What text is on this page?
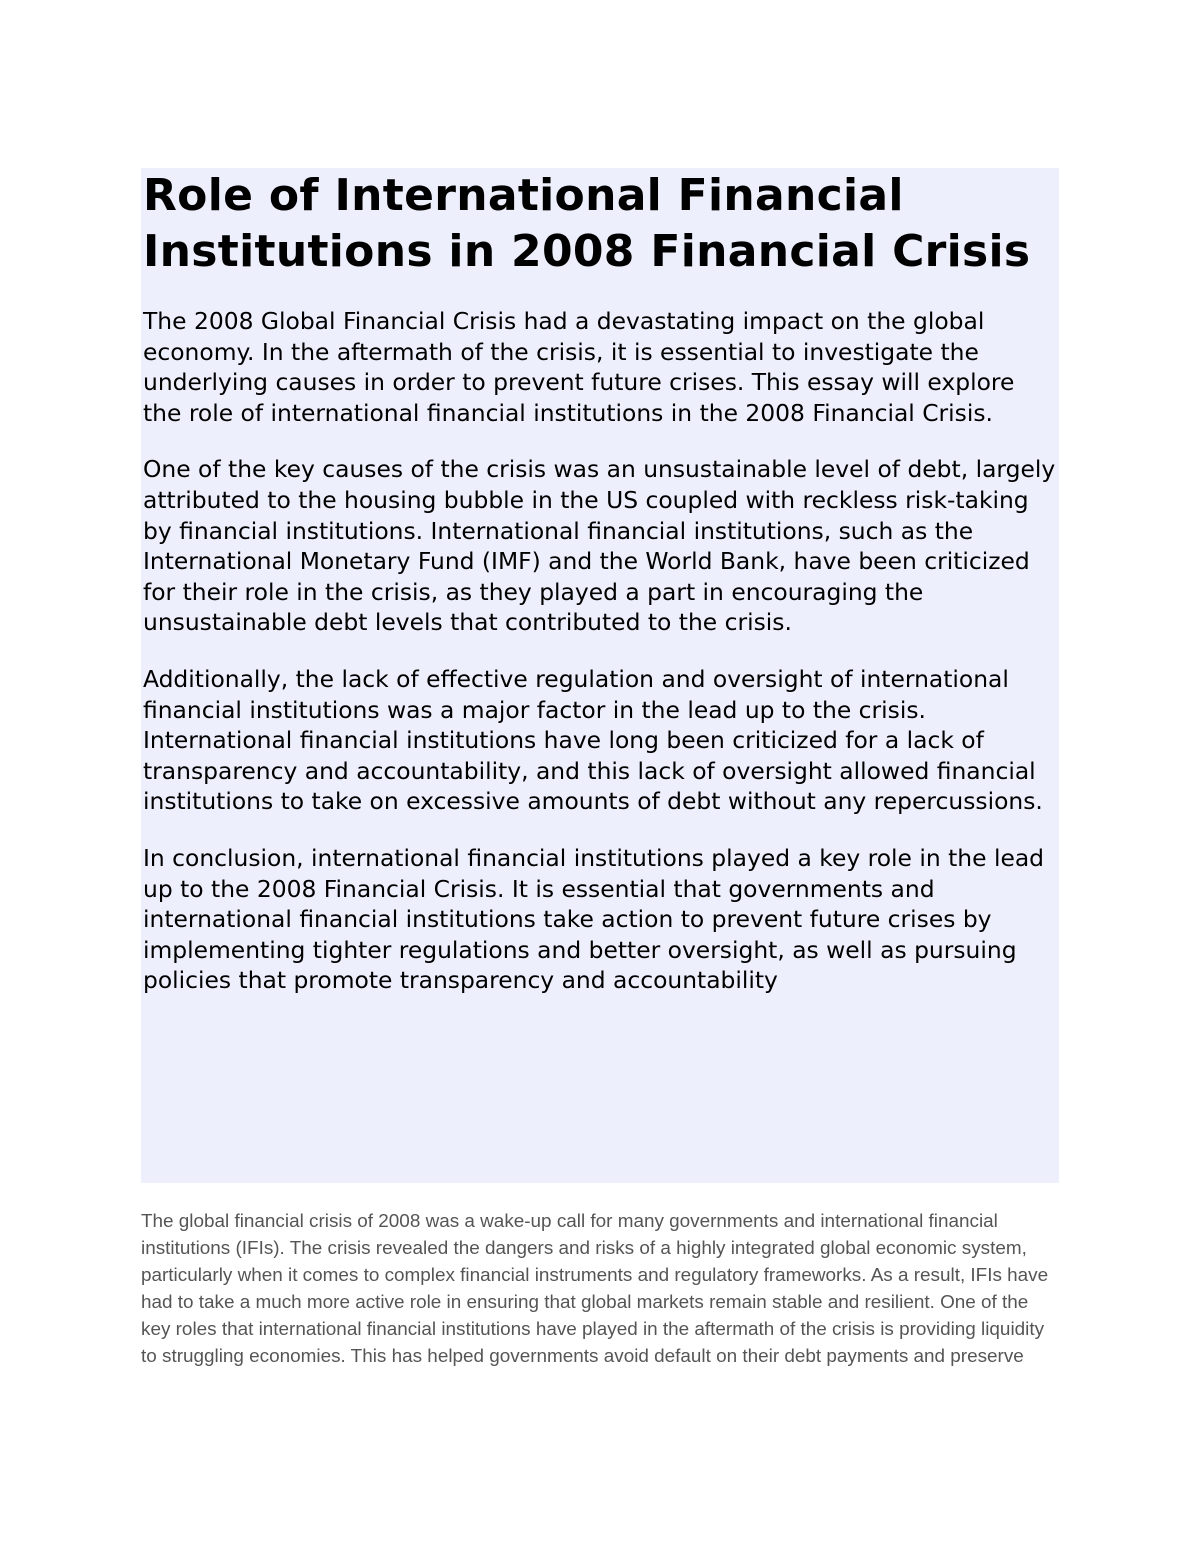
Role of International Financial Institutions in 2008 Financial Crisis

The 2008 Global Financial Crisis had a devastating impact on the global economy. In the aftermath of the crisis, it is essential to investigate the underlying causes in order to prevent future crises. This essay will explore the role of international financial institutions in the 2008 Financial Crisis.

One of the key causes of the crisis was an unsustainable level of debt, largely attributed to the housing bubble in the US coupled with reckless risk-taking by financial institutions. International financial institutions, such as the International Monetary Fund (IMF) and the World Bank, have been criticized for their role in the crisis, as they played a part in encouraging the unsustainable debt levels that contributed to the crisis.

Additionally, the lack of effective regulation and oversight of international financial institutions was a major factor in the lead up to the crisis. International financial institutions have long been criticized for a lack of transparency and accountability, and this lack of oversight allowed financial institutions to take on excessive amounts of debt without any repercussions.

In conclusion, international financial institutions played a key role in the lead up to the 2008 Financial Crisis. It is essential that governments and international financial institutions take action to prevent future crises by implementing tighter regulations and better oversight, as well as pursuing policies that promote transparency and accountability

The global financial crisis of 2008 was a wake-up call for many governments and international financial institutions (IFIs). The crisis revealed the dangers and risks of a highly integrated global economic system, particularly when it comes to complex financial instruments and regulatory frameworks. As a result, IFIs have had to take a much more active role in ensuring that global markets remain stable and resilient. One of the key roles that international financial institutions have played in the aftermath of the crisis is providing liquidity to struggling economies. This has helped governments avoid default on their debt payments and preserve
